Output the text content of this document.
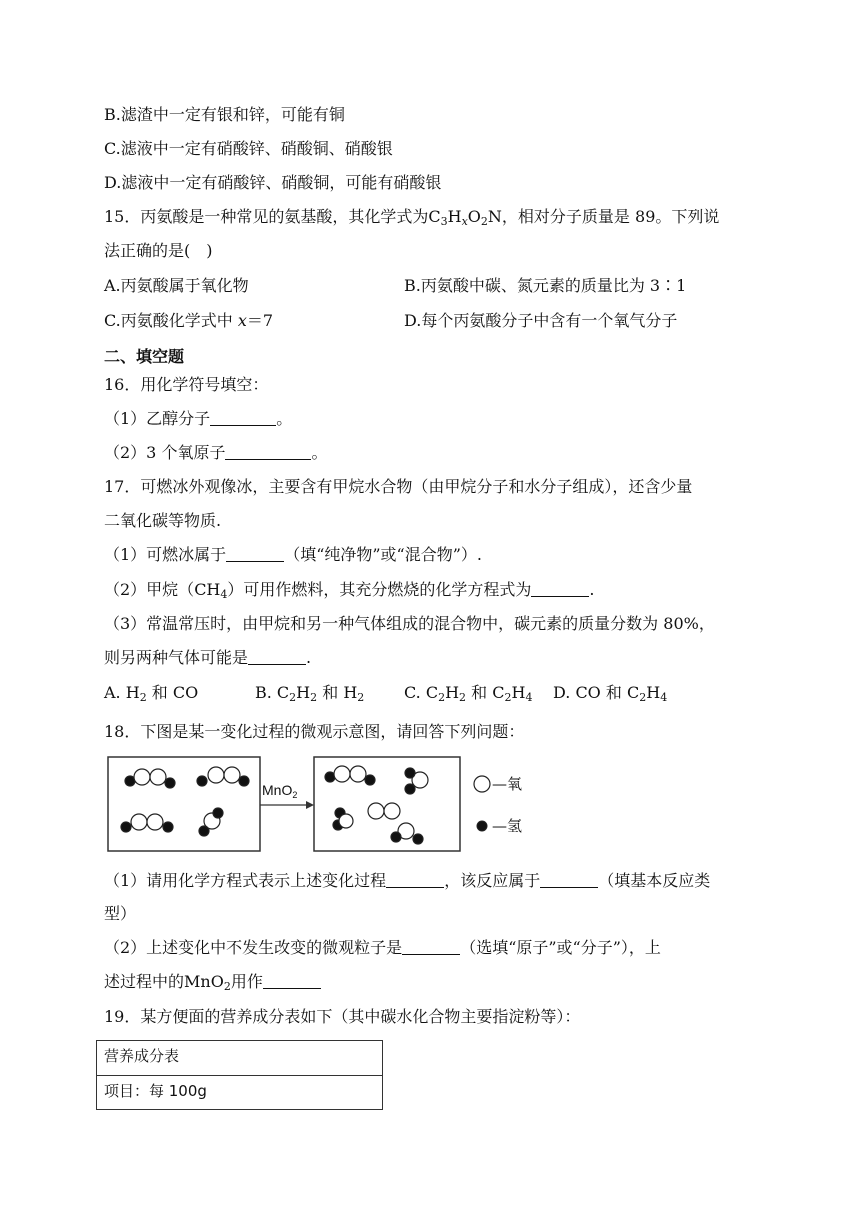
B.滤渣中一定有银和锌，可能有铜
C.滤液中一定有硝酸锌、硝酸铜、硝酸银
D.滤液中一定有硝酸锌、硝酸铜，可能有硝酸银
15．丙氨酸是一种常见的氨基酸，其化学式为$C_3H_xO_2N$，相对分子质量是 89。下列说
法正确的是(　)
A.丙氨酸属于氧化物	B.丙氨酸中碳、氮元素的质量比为 3∶1
C.丙氨酸化学式中 x＝7	D.每个丙氨酸分子中含有一个氧气分子
二、填空题
16．用化学符号填空：
（1）乙醇分子	。
（2）3 个氧原子	。
17．可燃冰外观像冰，主要含有甲烷水合物（由甲烷分子和水分子组成），还含少量
二氧化碳等物质.
（1）可燃冰属于	（填“纯净物”或“混合物”）.
（2）甲烷$(CH_4)$可用作燃料，其充分燃烧的化学方程式为	.
（3）常温常压时，由甲烷和另一种气体组成的混合物中，碳元素的质量分数为 80%，
则另两种气体可能是	.
A. $H_2$ 和 CO	B. $C_2H_2$ 和 $H_2$ C. $C_2H_2$ 和 $C_2H_4$ D. CO 和 $C_2H_4$
18．下图是某一变化过程的微观示意图，请回答下列问题：
MnO$_2$
—氧
—氢
（1）请用化学方程式表示上述变化过程	，该反应属于	（填基本反应类
型）
（2）上述变化中不发生改变的微观粒子是	（选填“原子”或“分子”），上
述过程中的MnO$_2$用作
19．某方便面的营养成分表如下（其中碳水化合物主要指淀粉等）：
营养成分表
项目：每 100g
